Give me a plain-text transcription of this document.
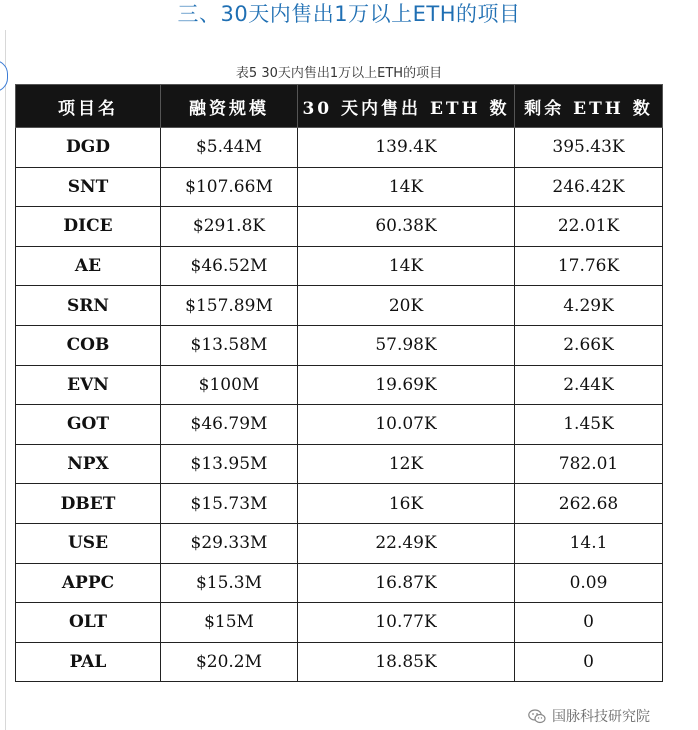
三、30天内售出1万以上ETH的项目
表5 30天内售出1万以上ETH的项目
项目名	融资规模	30 天内售出 ETH 数	剩余 ETH 数
DGD	$5.44M	139.4K	395.43K
SNT	$107.66M	14K	246.42K
DICE	$291.8K	60.38K	22.01K
AE	$46.52M	14K	17.76K
SRN	$157.89M	20K	4.29K
COB	$13.58M	57.98K	2.66K
EVN	$100M	19.69K	2.44K
GOT	$46.79M	10.07K	1.45K
NPX	$13.95M	12K	782.01
DBET	$15.73M	16K	262.68
USE	$29.33M	22.49K	14.1
APPC	$15.3M	16.87K	0.09
OLT	$15M	10.77K	0
PAL	$20.2M	18.85K	0
国脉科技研究院
